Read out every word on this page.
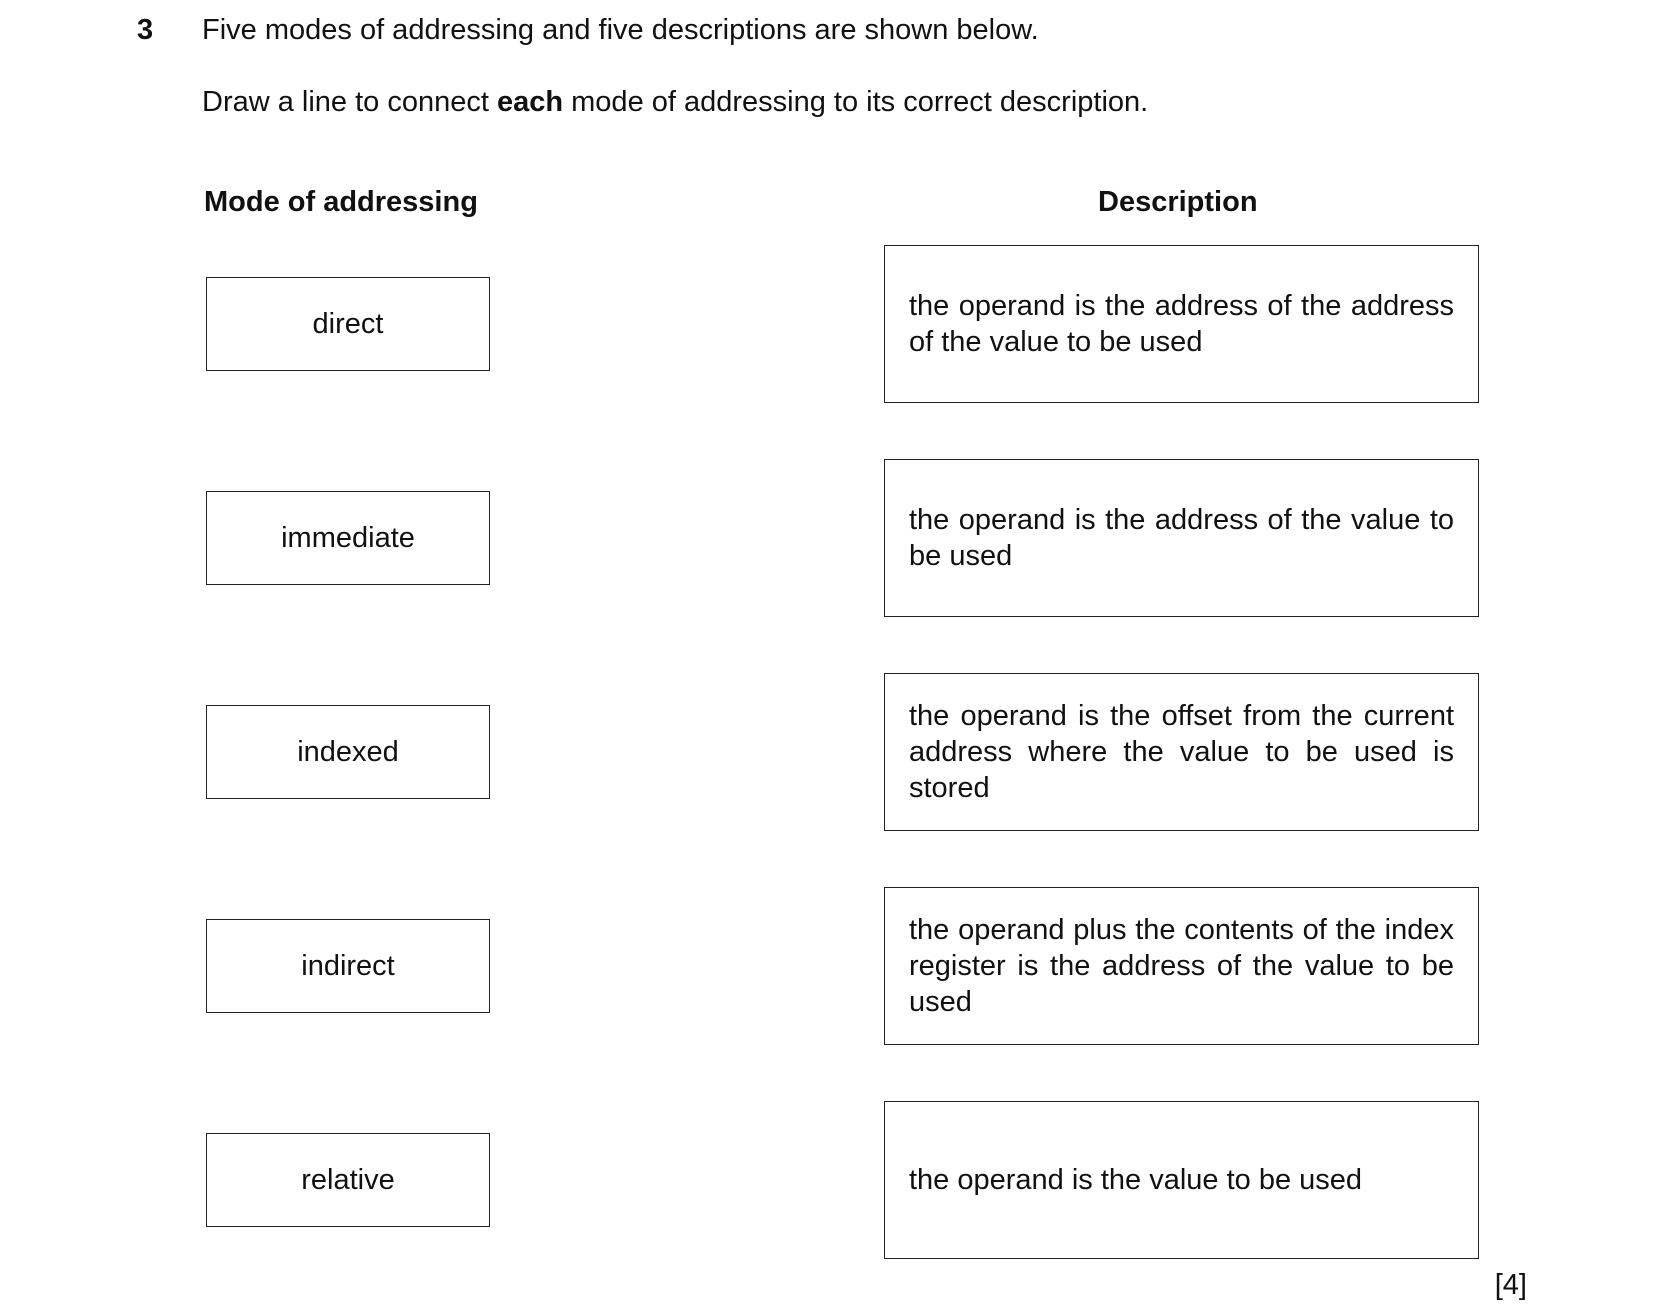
3 Five modes of addressing and five descriptions are shown below.
Draw a line to connect each mode of addressing to its correct description.
Mode of addressing	Description
direct
immediate
indexed
indirect
relative
the operand is the address of the address of the value to be used
the operand is the address of the value to be used
the operand is the offset from the current address where the value to be used is stored
the operand plus the contents of the index register is the address of the value to be used
the operand is the value to be used
[4]
